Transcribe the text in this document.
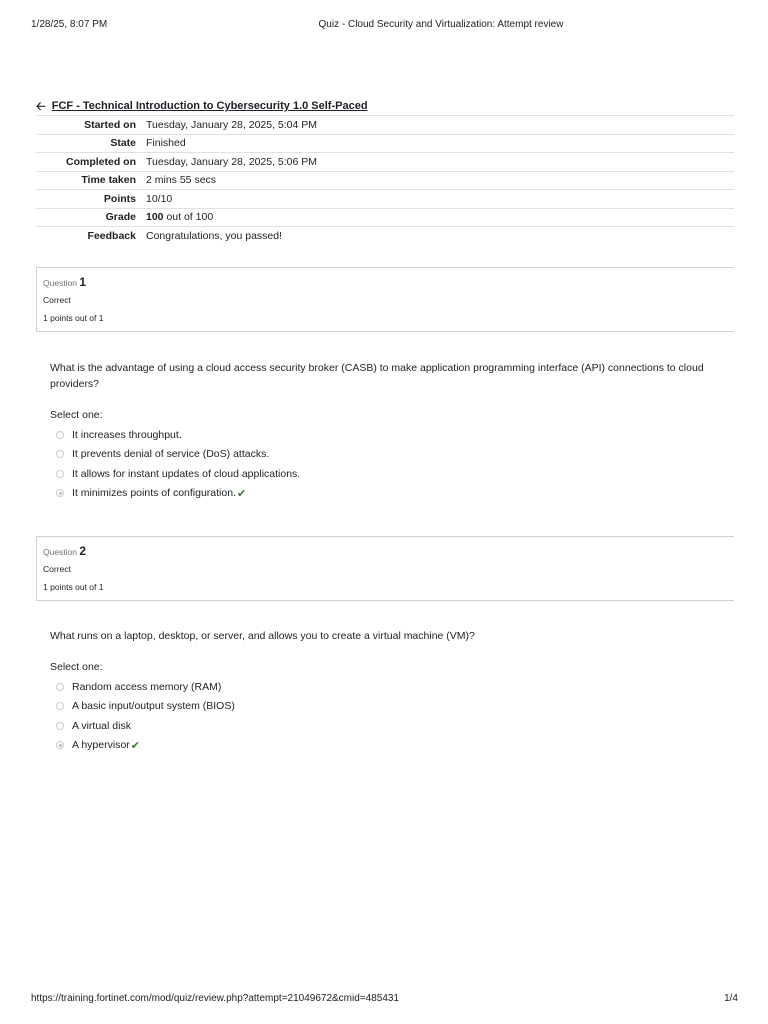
1/28/25, 8:07 PM	Quiz - Cloud Security and Virtualization: Attempt review
🡠 FCF - Technical Introduction to Cybersecurity 1.0 Self-Paced
Started on	Tuesday, January 28, 2025, 5:04 PM
State	Finished
Completed on	Tuesday, January 28, 2025, 5:06 PM
Time taken	2 mins 55 secs
Points	10/10
Grade	100 out of 100
Feedback	Congratulations, you passed!
Question 1
Correct
1 points out of 1
What is the advantage of using a cloud access security broker (CASB) to make application programming interface (API) connections to cloud providers?
Select one:
It increases throughput.
It prevents denial of service (DoS) attacks.
It allows for instant updates of cloud applications.
It minimizes points of configuration. ✔
Question 2
Correct
1 points out of 1
What runs on a laptop, desktop, or server, and allows you to create a virtual machine (VM)?
Select one:
Random access memory (RAM)
A basic input/output system (BIOS)
A virtual disk
A hypervisor ✔
https://training.fortinet.com/mod/quiz/review.php?attempt=21049672&cmid=485431	1/4
